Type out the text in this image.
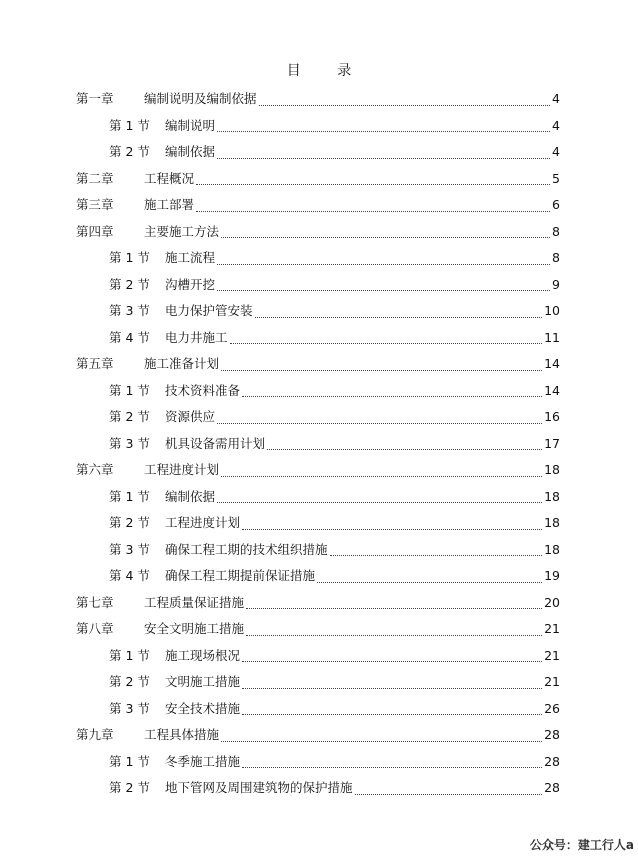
目 录
第一章	编制说明及编制依据	4
第 1 节	编制说明	4
第 2 节	编制依据	4
第二章	工程概况	5
第三章	施工部署	6
第四章	主要施工方法	8
第 1 节	施工流程	8
第 2 节	沟槽开挖	9
第 3 节	电力保护管安装	10
第 4 节	电力井施工	11
第五章	施工准备计划	14
第 1 节	技术资料准备	14
第 2 节	资源供应	16
第 3 节	机具设备需用计划	17
第六章	工程进度计划	18
第 1 节	编制依据	18
第 2 节	工程进度计划	18
第 3 节	确保工程工期的技术组织措施	18
第 4 节	确保工程工期提前保证措施	19
第七章	工程质量保证措施	20
第八章	安全文明施工措施	21
第 1 节	施工现场根况	21
第 2 节	文明施工措施	21
第 3 节	安全技术措施	26
第九章	工程具体措施	28
第 1 节	冬季施工措施	28
第 2 节	地下管网及周围建筑物的保护措施	28
公众号：建工行人a
